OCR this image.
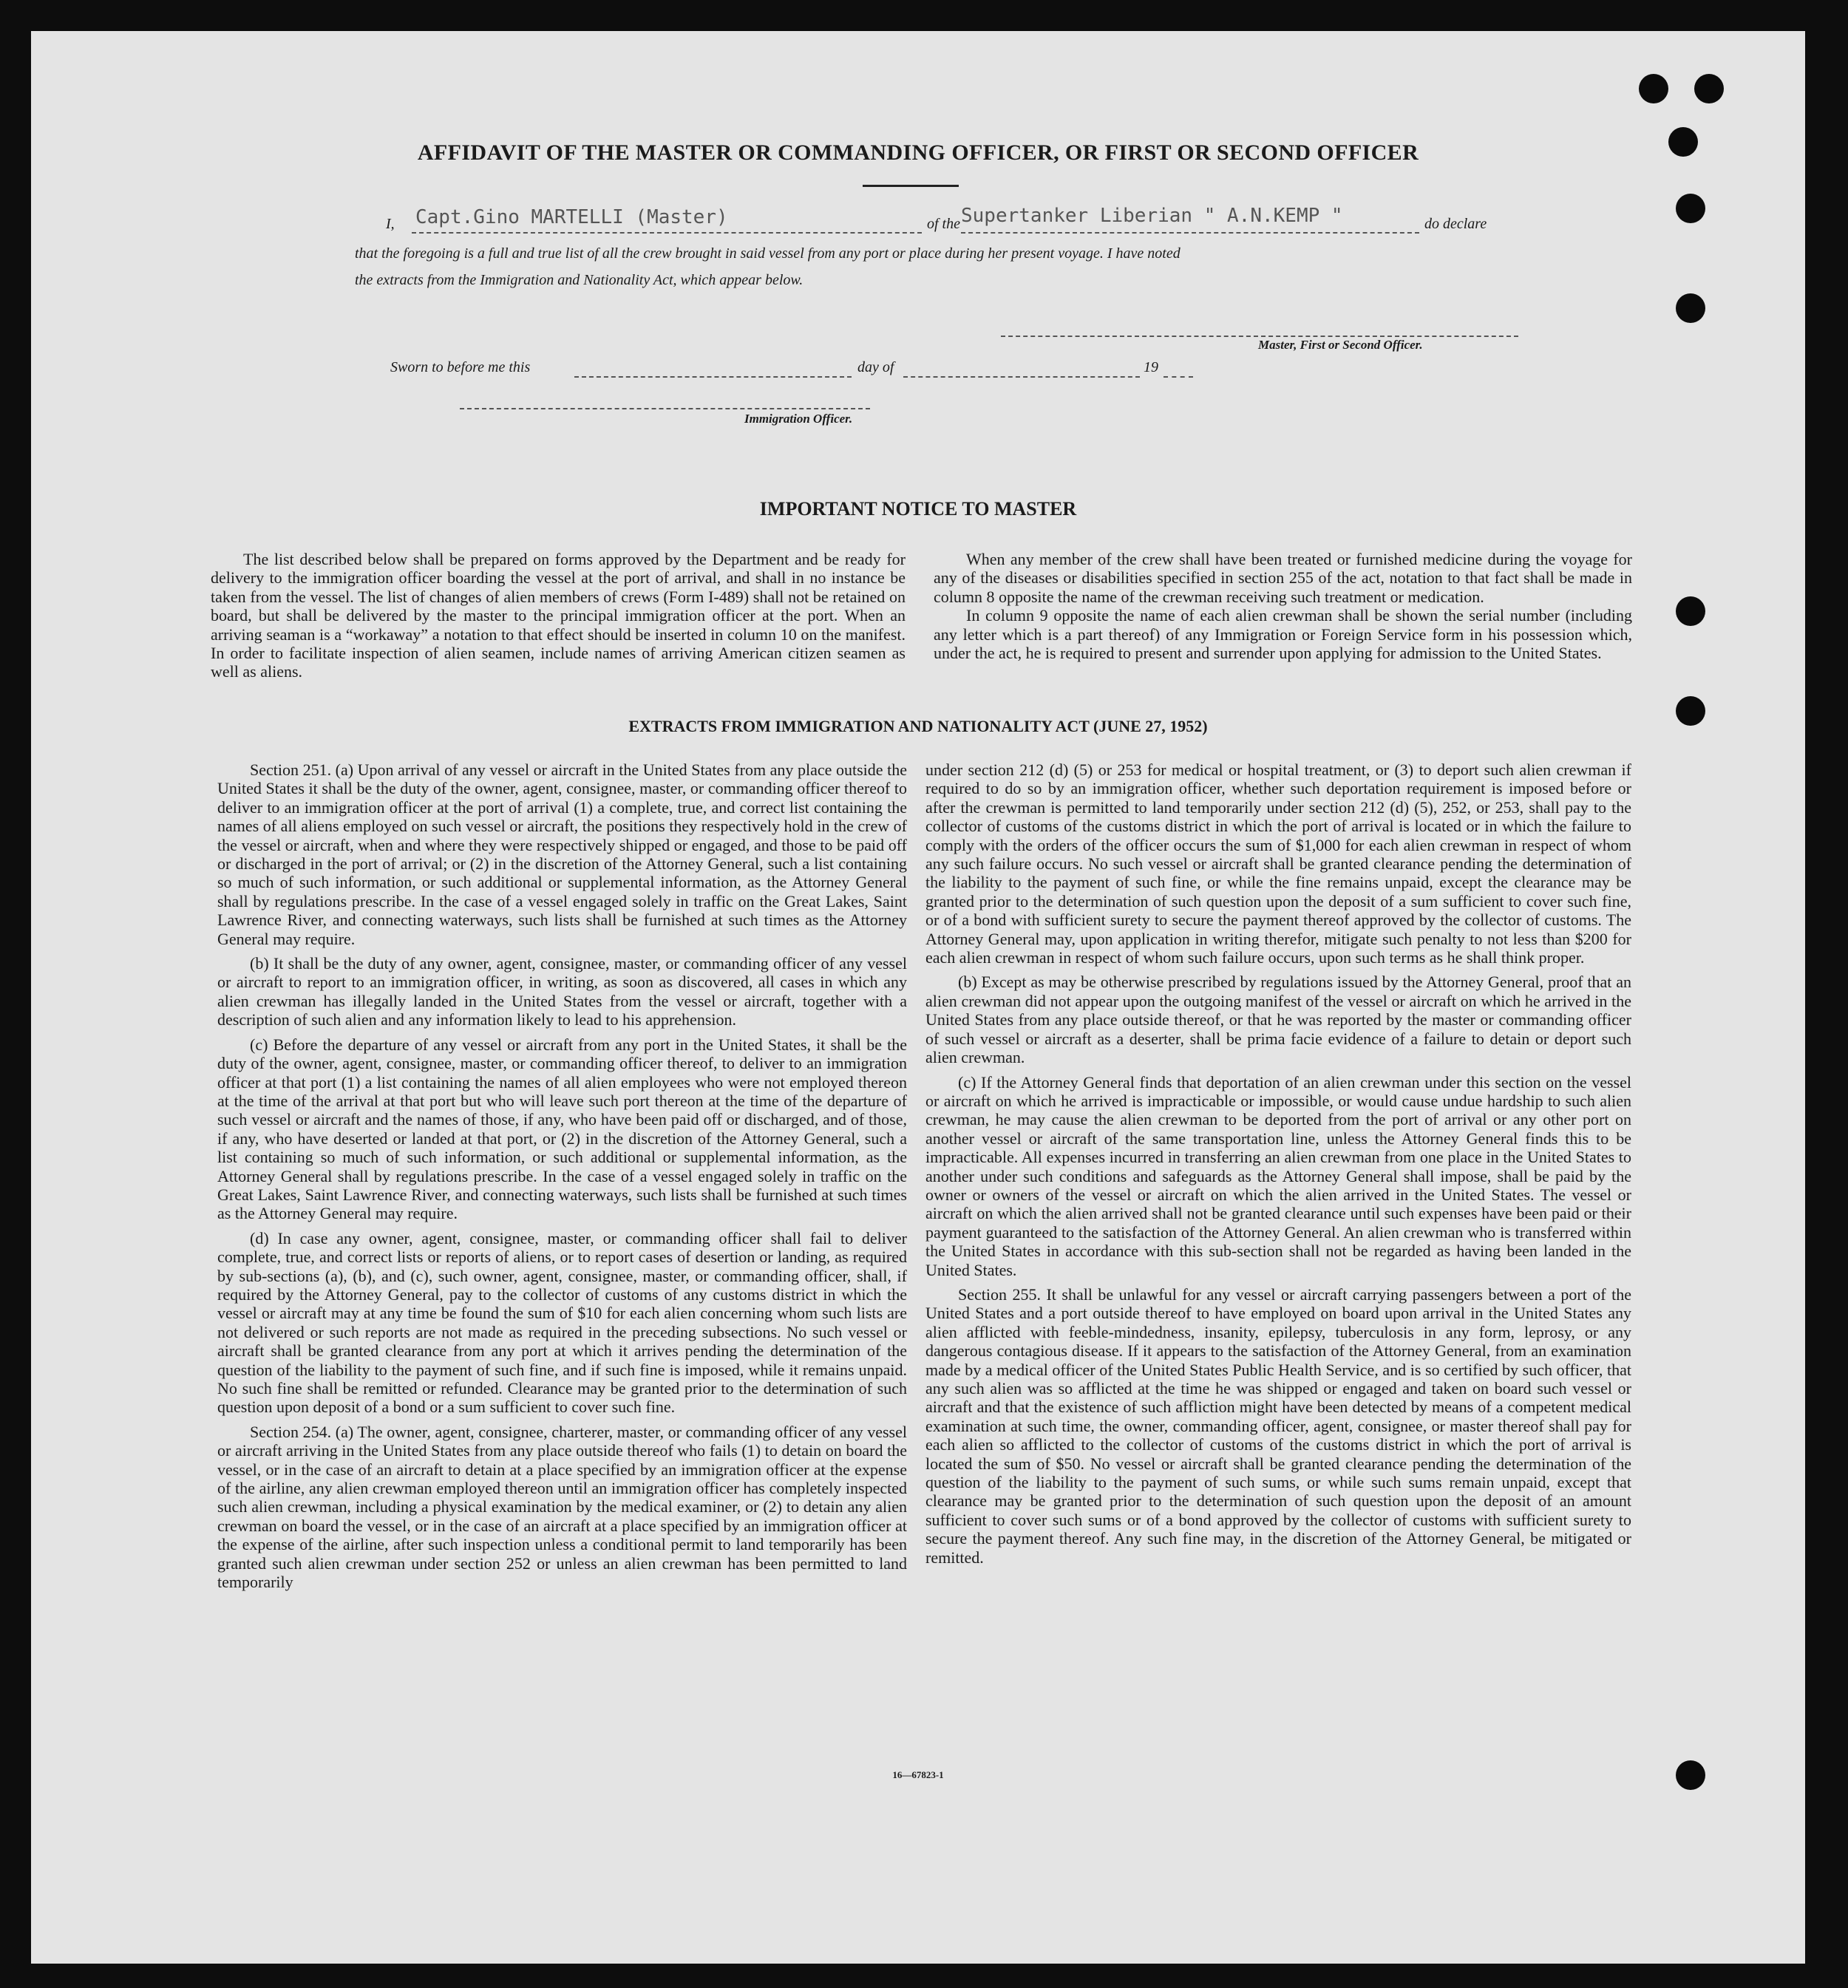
AFFIDAVIT OF THE MASTER OR COMMANDING OFFICER, OR FIRST OR SECOND OFFICER
I, Capt.Gino MARTELLI (Master)	of the Supertanker Liberian " A.N.KEMP "	do declare
that the foregoing is a full and true list of all the crew brought in said vessel from any port or place during her present voyage. I have noted
the extracts from the Immigration and Nationality Act, which appear below.
Master, First or Second Officer.
Sworn to before me this	day of	19
Immigration Officer.
IMPORTANT NOTICE TO MASTER

The list described below shall be prepared on forms approved by the Department and be ready for delivery to the immigration officer boarding the vessel at the port of arrival, and shall in no instance be taken from the vessel. The list of changes of alien members of crews (Form I-489) shall not be retained on board, but shall be delivered by the master to the principal immigration officer at the port. When an arriving seaman is a “workaway” a notation to that effect should be inserted in column 10 on the manifest. In order to facilitate inspection of alien seamen, include names of arriving American citizen seamen as well as aliens.

When any member of the crew shall have been treated or furnished medicine during the voyage for any of the diseases or disabilities specified in section 255 of the act, notation to that fact shall be made in column 8 opposite the name of the crewman receiving such treatment or medication.

In column 9 opposite the name of each alien crewman shall be shown the serial number (including any letter which is a part thereof) of any Immigration or Foreign Service form in his possession which, under the act, he is required to present and surrender upon applying for admission to the United States.

EXTRACTS FROM IMMIGRATION AND NATIONALITY ACT (JUNE 27, 1952)

Section 251. (a) Upon arrival of any vessel or aircraft in the United States from any place outside the United States it shall be the duty of the owner, agent, consignee, master, or commanding officer thereof to deliver to an immigration officer at the port of arrival (1) a complete, true, and correct list containing the names of all aliens employed on such vessel or aircraft, the positions they respectively hold in the crew of the vessel or aircraft, when and where they were respectively shipped or engaged, and those to be paid off or discharged in the port of arrival; or (2) in the discretion of the Attorney General, such a list containing so much of such information, or such additional or supplemental information, as the Attorney General shall by regulations prescribe. In the case of a vessel engaged solely in traffic on the Great Lakes, Saint Lawrence River, and connecting waterways, such lists shall be furnished at such times as the Attorney General may require.

(b) It shall be the duty of any owner, agent, consignee, master, or commanding officer of any vessel or aircraft to report to an immigration officer, in writing, as soon as discovered, all cases in which any alien crewman has illegally landed in the United States from the vessel or aircraft, together with a description of such alien and any information likely to lead to his apprehension.

(c) Before the departure of any vessel or aircraft from any port in the United States, it shall be the duty of the owner, agent, consignee, master, or commanding officer thereof, to deliver to an immigration officer at that port (1) a list containing the names of all alien employees who were not employed thereon at the time of the arrival at that port but who will leave such port thereon at the time of the departure of such vessel or aircraft and the names of those, if any, who have been paid off or discharged, and of those, if any, who have deserted or landed at that port, or (2) in the discretion of the Attorney General, such a list containing so much of such information, or such additional or supplemental information, as the Attorney General shall by regulations prescribe. In the case of a vessel engaged solely in traffic on the Great Lakes, Saint Lawrence River, and connecting waterways, such lists shall be furnished at such times as the Attorney General may require.

(d) In case any owner, agent, consignee, master, or commanding officer shall fail to deliver complete, true, and correct lists or reports of aliens, or to report cases of desertion or landing, as required by sub-sections (a), (b), and (c), such owner, agent, consignee, master, or commanding officer, shall, if required by the Attorney General, pay to the collector of customs of any customs district in which the vessel or aircraft may at any time be found the sum of $10 for each alien concerning whom such lists are not delivered or such reports are not made as required in the preceding subsections. No such vessel or aircraft shall be granted clearance from any port at which it arrives pending the determination of the question of the liability to the payment of such fine, and if such fine is imposed, while it remains unpaid. No such fine shall be remitted or refunded. Clearance may be granted prior to the determination of such question upon deposit of a bond or a sum sufficient to cover such fine.

Section 254. (a) The owner, agent, consignee, charterer, master, or commanding officer of any vessel or aircraft arriving in the United States from any place outside thereof who fails (1) to detain on board the vessel, or in the case of an aircraft to detain at a place specified by an immigration officer at the expense of the airline, any alien crewman employed thereon until an immigration officer has completely inspected such alien crewman, including a physical examination by the medical examiner, or (2) to detain any alien crewman on board the vessel, or in the case of an aircraft at a place specified by an immigration officer at the expense of the airline, after such inspection unless a conditional permit to land temporarily has been granted such alien crewman under section 252 or unless an alien crewman has been permitted to land temporarily

under section 212 (d) (5) or 253 for medical or hospital treatment, or (3) to deport such alien crewman if required to do so by an immigration officer, whether such deportation requirement is imposed before or after the crewman is permitted to land temporarily under section 212 (d) (5), 252, or 253, shall pay to the collector of customs of the customs district in which the port of arrival is located or in which the failure to comply with the orders of the officer occurs the sum of $1,000 for each alien crewman in respect of whom any such failure occurs. No such vessel or aircraft shall be granted clearance pending the determination of the liability to the payment of such fine, or while the fine remains unpaid, except the clearance may be granted prior to the determination of such question upon the deposit of a sum sufficient to cover such fine, or of a bond with sufficient surety to secure the payment thereof approved by the collector of customs. The Attorney General may, upon application in writing therefor, mitigate such penalty to not less than $200 for each alien crewman in respect of whom such failure occurs, upon such terms as he shall think proper.

(b) Except as may be otherwise prescribed by regulations issued by the Attorney General, proof that an alien crewman did not appear upon the outgoing manifest of the vessel or aircraft on which he arrived in the United States from any place outside thereof, or that he was reported by the master or commanding officer of such vessel or aircraft as a deserter, shall be prima facie evidence of a failure to detain or deport such alien crewman.

(c) If the Attorney General finds that deportation of an alien crewman under this section on the vessel or aircraft on which he arrived is impracticable or impossible, or would cause undue hardship to such alien crewman, he may cause the alien crewman to be deported from the port of arrival or any other port on another vessel or aircraft of the same transportation line, unless the Attorney General finds this to be impracticable. All expenses incurred in transferring an alien crewman from one place in the United States to another under such conditions and safeguards as the Attorney General shall impose, shall be paid by the owner or owners of the vessel or aircraft on which the alien arrived in the United States. The vessel or aircraft on which the alien arrived shall not be granted clearance until such expenses have been paid or their payment guaranteed to the satisfaction of the Attorney General. An alien crewman who is transferred within the United States in accordance with this sub-section shall not be regarded as having been landed in the United States.

Section 255. It shall be unlawful for any vessel or aircraft carrying passengers between a port of the United States and a port outside thereof to have employed on board upon arrival in the United States any alien afflicted with feeble-mindedness, insanity, epilepsy, tuberculosis in any form, leprosy, or any dangerous contagious disease. If it appears to the satisfaction of the Attorney General, from an examination made by a medical officer of the United States Public Health Service, and is so certified by such officer, that any such alien was so afflicted at the time he was shipped or engaged and taken on board such vessel or aircraft and that the existence of such affliction might have been detected by means of a competent medical examination at such time, the owner, commanding officer, agent, consignee, or master thereof shall pay for each alien so afflicted to the collector of customs of the customs district in which the port of arrival is located the sum of $50. No vessel or aircraft shall be granted clearance pending the determination of the question of the liability to the payment of such sums, or while such sums remain unpaid, except that clearance may be granted prior to the determination of such question upon the deposit of an amount sufficient to cover such sums or of a bond approved by the collector of customs with sufficient surety to secure the payment thereof. Any such fine may, in the discretion of the Attorney General, be mitigated or remitted.

16—67823-1
